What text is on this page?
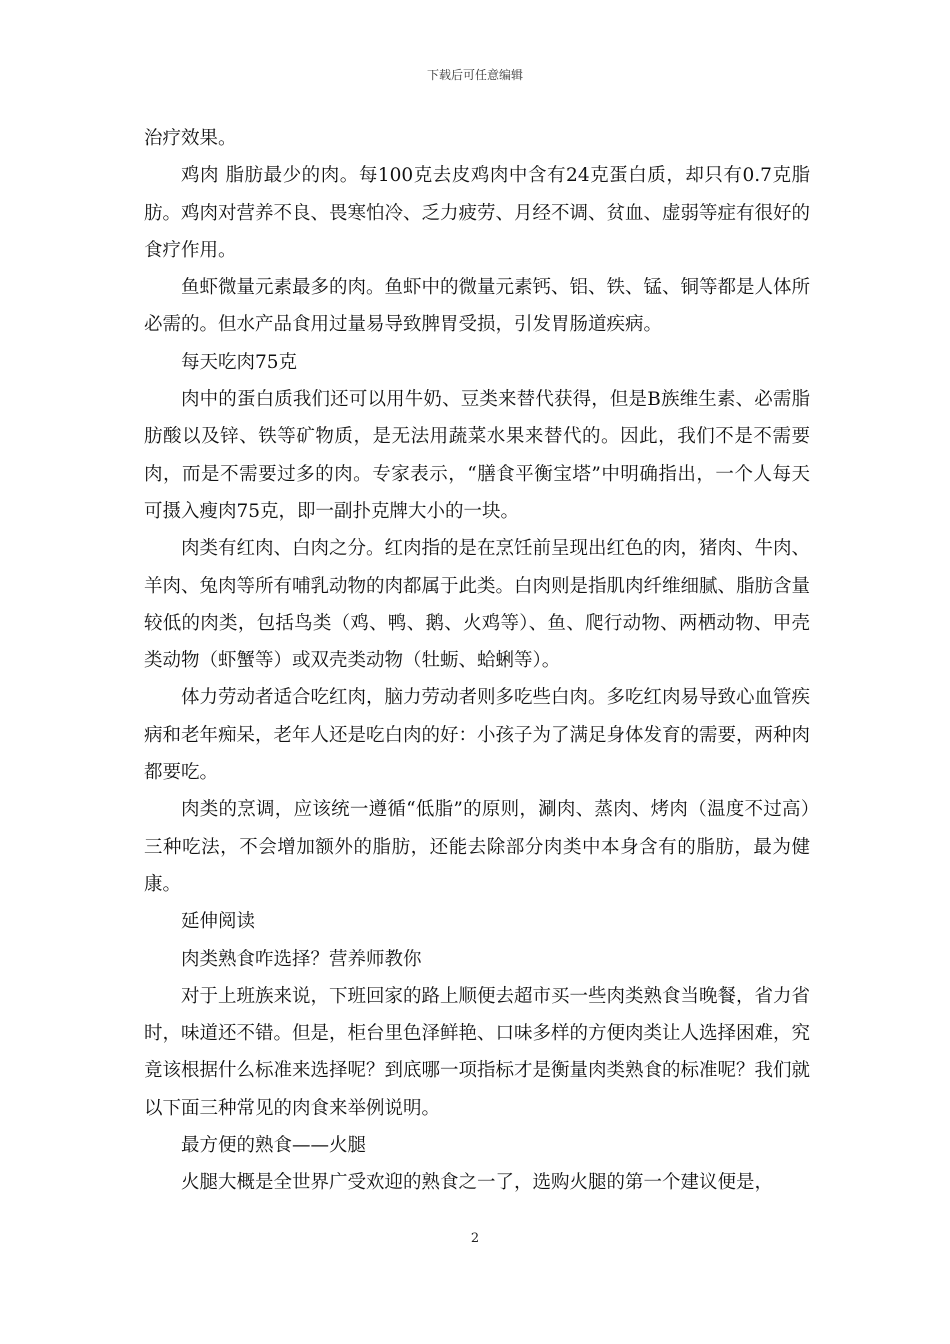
下载后可任意编辑

治疗效果。

鸡肉 脂肪最少的肉。每100克去皮鸡肉中含有24克蛋白质，却只有0.7克脂肪。鸡肉对营养不良、畏寒怕冷、乏力疲劳、月经不调、贫血、虚弱等症有很好的食疗作用。

鱼虾微量元素最多的肉。鱼虾中的微量元素钙、铝、铁、锰、铜等都是人体所必需的。但水产品食用过量易导致脾胃受损，引发胃肠道疾病。

每天吃肉75克

肉中的蛋白质我们还可以用牛奶、豆类来替代获得，但是B族维生素、必需脂肪酸以及锌、铁等矿物质，是无法用蔬菜水果来替代的。因此，我们不是不需要肉，而是不需要过多的肉。专家表示，“膳食平衡宝塔”中明确指出，一个人每天可摄入瘦肉75克，即一副扑克牌大小的一块。

肉类有红肉、白肉之分。红肉指的是在烹饪前呈现出红色的肉，猪肉、牛肉、羊肉、兔肉等所有哺乳动物的肉都属于此类。白肉则是指肌肉纤维细腻、脂肪含量较低的肉类，包括鸟类（鸡、鸭、鹅、火鸡等）、鱼、爬行动物、两栖动物、甲壳类动物（虾蟹等）或双壳类动物（牡蛎、蛤蜊等）。

体力劳动者适合吃红肉，脑力劳动者则多吃些白肉。多吃红肉易导致心血管疾病和老年痴呆，老年人还是吃白肉的好：小孩子为了满足身体发育的需要，两种肉都要吃。

肉类的烹调，应该统一遵循“低脂”的原则，涮肉、蒸肉、烤肉（温度不过高）三种吃法，不会增加额外的脂肪，还能去除部分肉类中本身含有的脂肪，最为健康。

延伸阅读

肉类熟食咋选择？营养师教你

对于上班族来说，下班回家的路上顺便去超市买一些肉类熟食当晚餐，省力省时，味道还不错。但是，柜台里色泽鲜艳、口味多样的方便肉类让人选择困难，究竟该根据什么标准来选择呢？到底哪一项指标才是衡量肉类熟食的标准呢？我们就以下面三种常见的肉食来举例说明。

最方便的熟食——火腿

火腿大概是全世界广受欢迎的熟食之一了，选购火腿的第一个建议便是，

2
